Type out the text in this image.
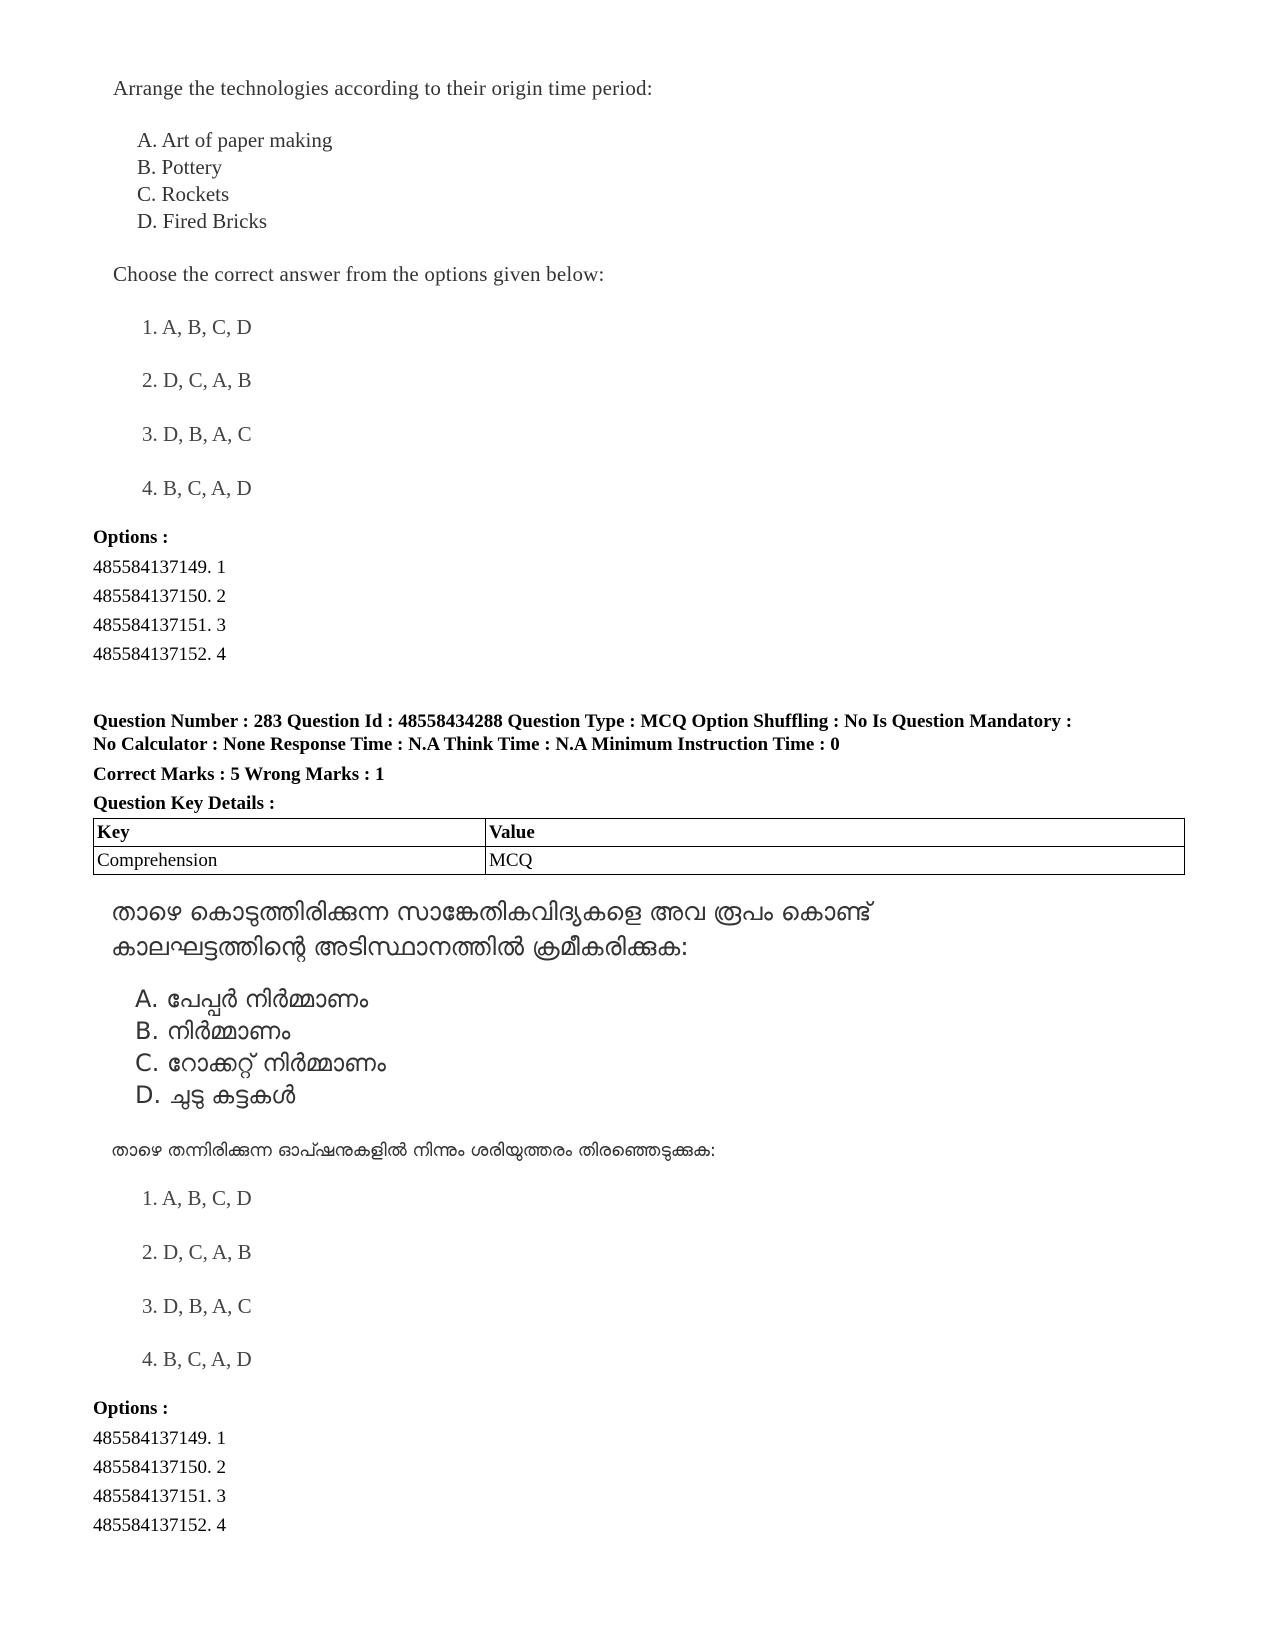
Arrange the technologies according to their origin time period:
A. Art of paper making
B. Pottery
C. Rockets
D. Fired Bricks
Choose the correct answer from the options given below:
1. A, B, C, D
2. D, C, A, B
3. D, B, A, C
4. B, C, A, D
Options :
485584137149. 1
485584137150. 2
485584137151. 3
485584137152. 4
Question Number : 283 Question Id : 48558434288 Question Type : MCQ Option Shuffling : No Is Question Mandatory :
No Calculator : None Response Time : N.A Think Time : N.A Minimum Instruction Time : 0
Correct Marks : 5 Wrong Marks : 1
Question Key Details :
Key	Value
Comprehension	MCQ
താഴെ കൊടുത്തിരിക്കുന്ന സാങ്കേതികവിദ്യകളെ അവ രൂപം കൊണ്ട്
കാലഘട്ടത്തിന്റെ അടിസ്ഥാനത്തിൽ ക്രമീകരിക്കുക:
A. പേപ്പർ നിർമ്മാണം
B. നിർമ്മാണം
C. റോക്കറ്റ് നിർമ്മാണം
D. ചുടു കട്ടകൾ
താഴെ തന്നിരിക്കുന്ന ഓപ്ഷനുകളിൽ നിന്നും ശരിയുത്തരം തിരഞ്ഞെടുക്കുക:
1. A, B, C, D
2. D, C, A, B
3. D, B, A, C
4. B, C, A, D
Options :
485584137149. 1
485584137150. 2
485584137151. 3
485584137152. 4
